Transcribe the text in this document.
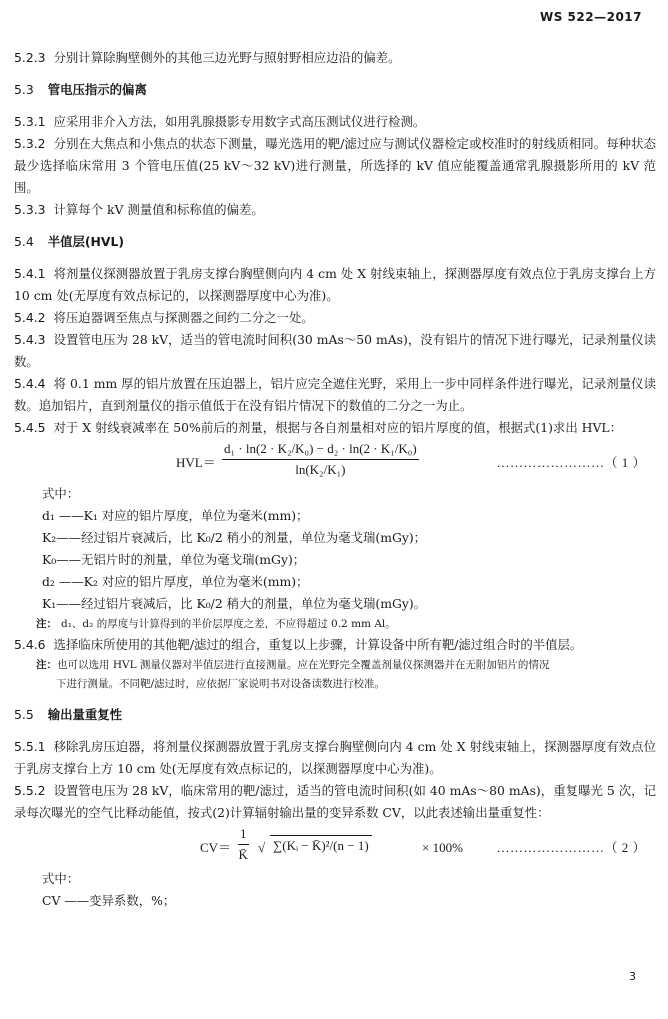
WS 522—2017

5.2.3 分别计算除胸壁侧外的其他三边光野与照射野相应边沿的偏差。

5.3 管电压指示的偏离

5.3.1 应采用非介入方法，如用乳腺摄影专用数字式高压测试仪进行检测。

5.3.2 分别在大焦点和小焦点的状态下测量，曝光选用的靶/滤过应与测试仪器检定或校准时的射线质相同。每种状态最少选择临床常用 3 个管电压值(25 kV～32 kV)进行测量，所选择的 kV 值应能覆盖通常乳腺摄影所用的 kV 范围。

5.3.3 计算每个 kV 测量值和标称值的偏差。

5.4 半值层(HVL)

5.4.1 将剂量仪探测器放置于乳房支撑台胸壁侧向内 4 cm 处 X 射线束轴上，探测器厚度有效点位于乳房支撑台上方 10 cm 处(无厚度有效点标记的，以探测器厚度中心为准)。

5.4.2 将压迫器调至焦点与探测器之间约二分之一处。

5.4.3 设置管电压为 28 kV，适当的管电流时间积(30 mAs～50 mAs)，没有铝片的情况下进行曝光，记录剂量仪读数。

5.4.4 将 0.1 mm 厚的铝片放置在压迫器上，铝片应完全遮住光野，采用上一步中同样条件进行曝光，记录剂量仪读数。追加铝片，直到剂量仪的指示值低于在没有铝片情况下的数值的二分之一为止。

5.4.5 对于 X 射线衰减率在 50%前后的剂量，根据与各自剂量相对应的铝片厚度的值，根据式(1)求出 HVL：

$HVL= \frac{\text{d₁ · ln(2 · K₂/K₀) − d₂ · ln(2 · K₁/K₀)}}{\text{ln(K₂/K₁)}}$	……………………（ 1 ）

式中：

d₁ ——K₁ 对应的铝片厚度，单位为毫米(mm)；

K₂——经过铝片衰减后，比 K₀/2 稍小的剂量，单位为毫戈瑞(mGy)；

K₀——无铝片时的剂量，单位为毫戈瑞(mGy)；

d₂ ——K₂ 对应的铝片厚度，单位为毫米(mm)；

K₁——经过铝片衰减后，比 K₀/2 稍大的剂量，单位为毫戈瑞(mGy)。

注： d₁、d₂ 的厚度与计算得到的半价层厚度之差，不应得超过 0.2 mm Al。

5.4.6 选择临床所使用的其他靶/滤过的组合，重复以上步骤，计算设备中所有靶/滤过组合时的半值层。

注：也可以选用 HVL 测量仪器对半值层进行直接测量。应在光野完全覆盖剂量仪探测器并在无附加铝片的情况
下进行测量。不同靶/滤过时，应依据厂家说明书对设备读数进行校准。

5.5 输出量重复性

5.5.1 移除乳房压迫器，将剂量仪探测器放置于乳房支撑台胸壁侧向内 4 cm 处 X 射线束轴上，探测器厚度有效点位于乳房支撑台上方 10 cm 处(无厚度有效点标记的，以探测器厚度中心为准)。

5.5.2 设置管电压为 28 kV，临床常用的靶/滤过，适当的管电流时间积(如 40 mAs～80 mAs)，重复曝光 5 次，记录每次曝光的空气比释动能值，按式(2)计算辐射输出量的变异系数 CV，以此表述输出量重复性：

$CV= \frac{1}{K̄}$ √ ∑(Kᵢ − K̄)²/(n − 1)	× 100%	……………………（ 2 ）

式中：

CV ——变异系数，%；

3
